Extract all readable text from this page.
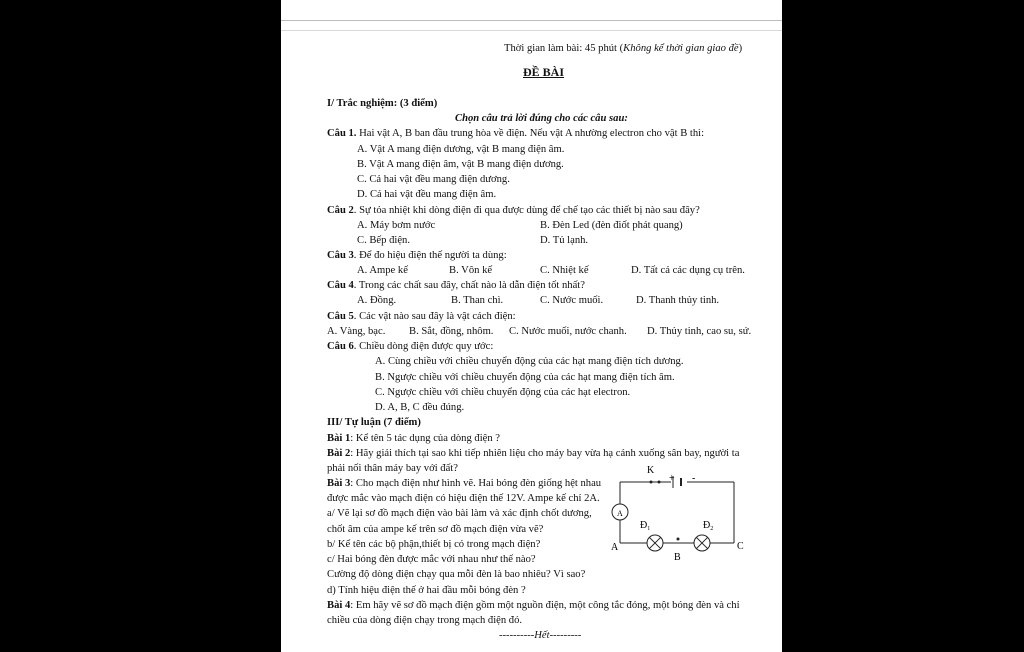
Thời gian làm bài: 45 phút (Không kể thời gian giao đề)
ĐỀ BÀI
I/ Trắc nghiệm: (3 điểm)
Chọn câu trả lời đúng cho các câu sau:
Câu 1. Hai vật A, B ban đầu trung hòa về điện. Nếu vật A nhường electron cho vật B thì:
A. Vật A mang điện dương, vật B mang điện âm.
B. Vật A mang điện âm, vật B mang điện dương.
C. Cả hai vật đều mang điện dương.
D. Cả hai vật đều mang điện âm.
Câu 2. Sự tỏa nhiệt khi dòng điện đi qua được dùng để chế tạo các thiết bị nào sau đây?
A. Máy bơm nước	B. Đèn Led (đèn điốt phát quang)
C. Bếp điện.	D. Tủ lạnh.
Câu 3. Để đo hiệu điện thế người ta dùng:
A. Ampe kế	B. Vôn kế	C. Nhiệt kế	D. Tất cả các dụng cụ trên.
Câu 4. Trong các chất sau đây, chất nào là dẫn điện tốt nhất?
A. Đồng.	B. Than chì.	C. Nước muối.	D. Thanh thủy tinh.
Câu 5. Các vật nào sau đây là vật cách điện:
A. Vàng, bạc. B. Sắt, đồng, nhôm. C. Nước muối, nước chanh. D. Thủy tinh, cao su, sứ.
Câu 6. Chiều dòng điện được quy ước:
A. Cùng chiều với chiều chuyển động của các hạt mang điện tích dương.
B. Ngược chiều với chiều chuyển động của các hạt mang điện tích âm.
C. Ngược chiều với chiều chuyển động của các hạt electron.
D. A, B, C đều đúng.
III/ Tự luận (7 điểm)
Bài 1: Kể tên 5 tác dụng của dòng điện ?
Bài 2: Hãy giải thích tại sao khi tiếp nhiên liệu cho máy bay vừa hạ cánh xuống sân bay, người ta
phải nối thân máy bay với đất?
Bài 3: Cho mạch điện như hình vẽ. Hai bóng đèn giống hệt nhau
được mắc vào mạch điện có hiệu điện thế 12V. Ampe kế chỉ 2A.
a/ Vẽ lại sơ đồ mạch điện vào bài làm và xác định chốt dương,
chốt âm của ampe kế trên sơ đồ mạch điện vừa vẽ?
b/ Kể tên các bộ phận,thiết bị có trong mạch điện?
c/ Hai bóng đèn được mắc với nhau như thế nào?
Cường độ dòng điện chạy qua mỗi đèn là bao nhiêu? Vì sao?
d) Tính hiệu điện thế ở hai đầu mỗi bóng đèn ?
Bài 4: Em hãy vẽ sơ đồ mạch điện gồm một nguồn điện, một công tắc đóng, một bóng đèn và chỉ
chiều của dòng điện chạy trong mạch điện đó.
----------Hết---------
K
+ -
A
$Đ_1$	$Đ_2$
A
B
C
